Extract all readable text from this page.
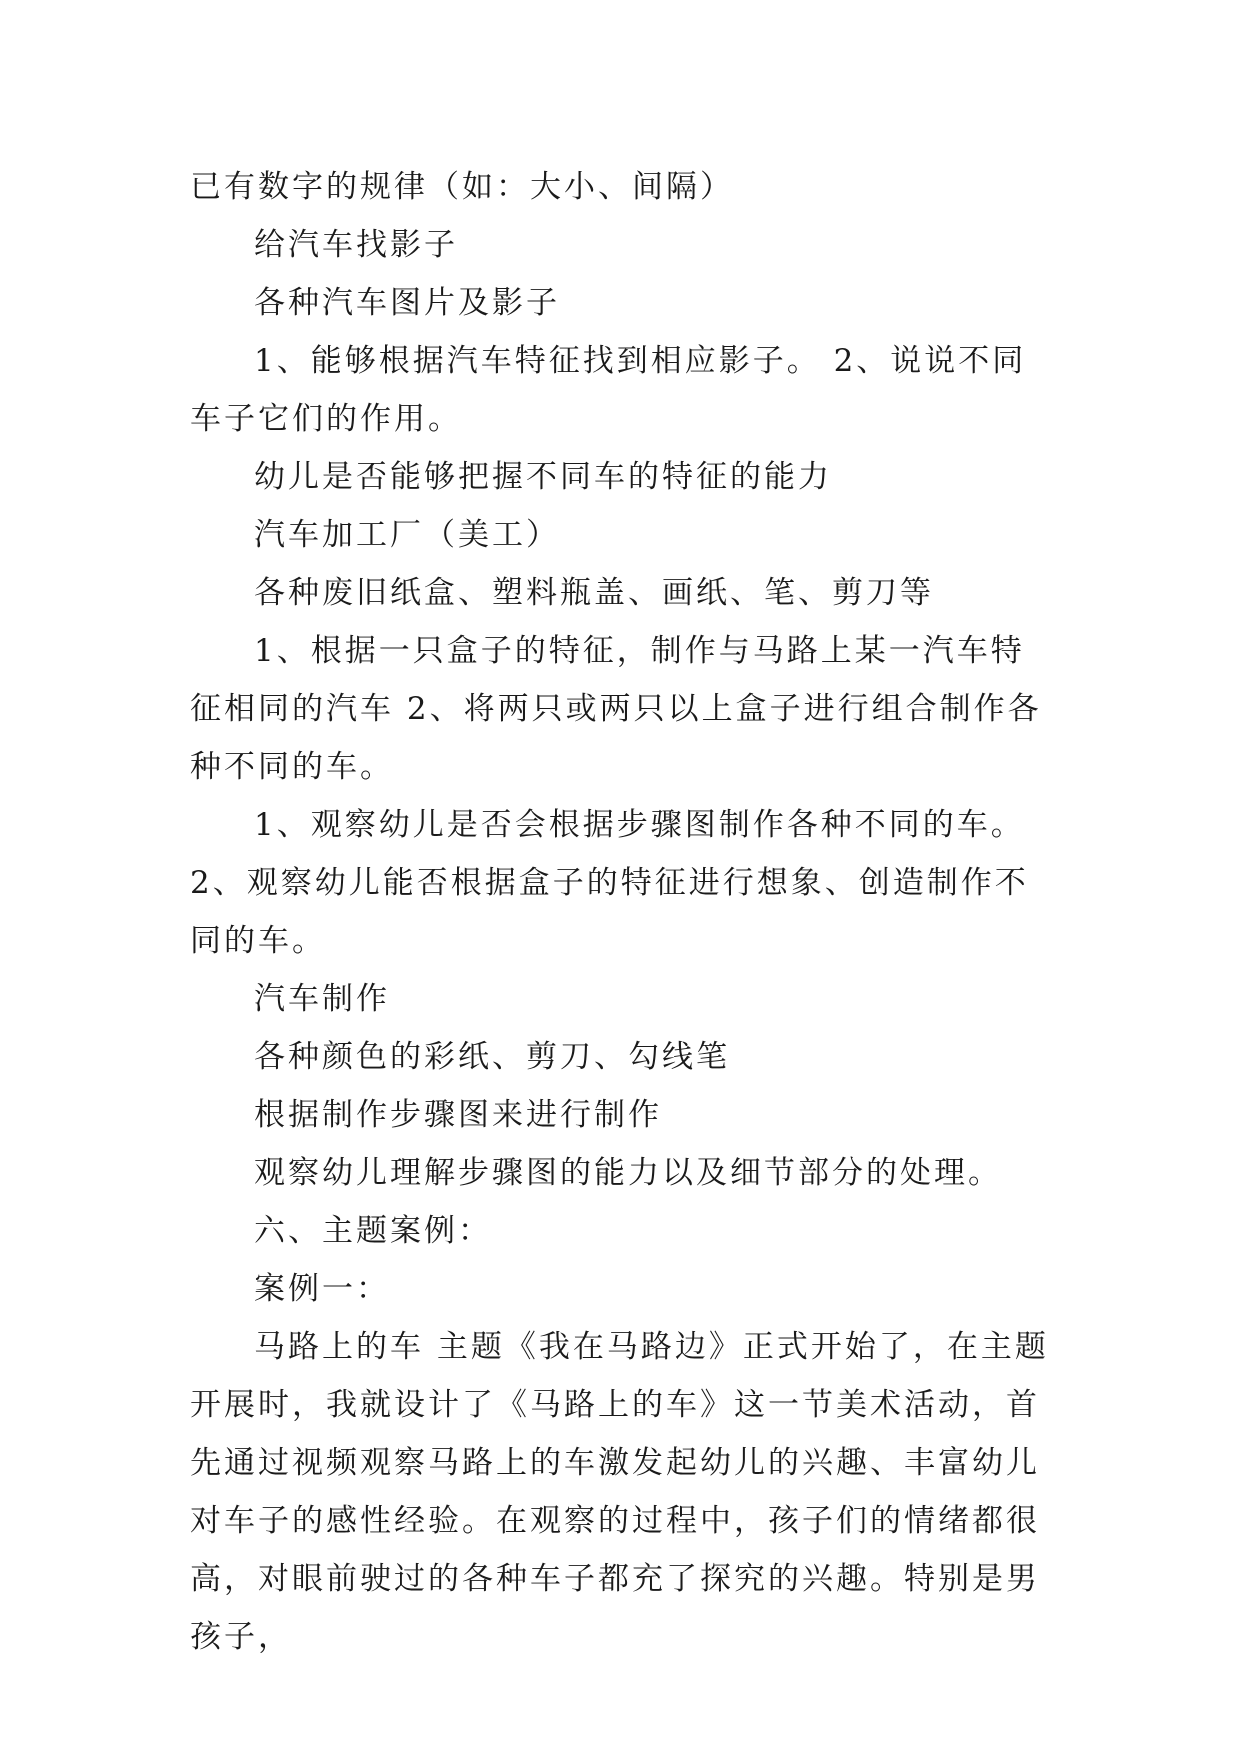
已有数字的规律（如：大小、间隔）

给汽车找影子

各种汽车图片及影子

1、能够根据汽车特征找到相应影子。 2、说说不同车子它们的作用。

幼儿是否能够把握不同车的特征的能力

汽车加工厂（美工）

各种废旧纸盒、塑料瓶盖、画纸、笔、剪刀等

1、根据一只盒子的特征，制作与马路上某一汽车特征相同的汽车 2、将两只或两只以上盒子进行组合制作各种不同的车。

1、观察幼儿是否会根据步骤图制作各种不同的车。 2、观察幼儿能否根据盒子的特征进行想象、创造制作不同的车。

汽车制作

各种颜色的彩纸、剪刀、勾线笔

根据制作步骤图来进行制作

观察幼儿理解步骤图的能力以及细节部分的处理。

六、主题案例：

案例一：

马路上的车 主题《我在马路边》正式开始了，在主题开展时，我就设计了《马路上的车》这一节美术活动，首先通过视频观察马路上的车激发起幼儿的兴趣、丰富幼儿 对车子的感性经验。在观察的过程中，孩子们的情绪都很高，对眼前驶过的各种车子都充了探究的兴趣。特别是男孩子，
